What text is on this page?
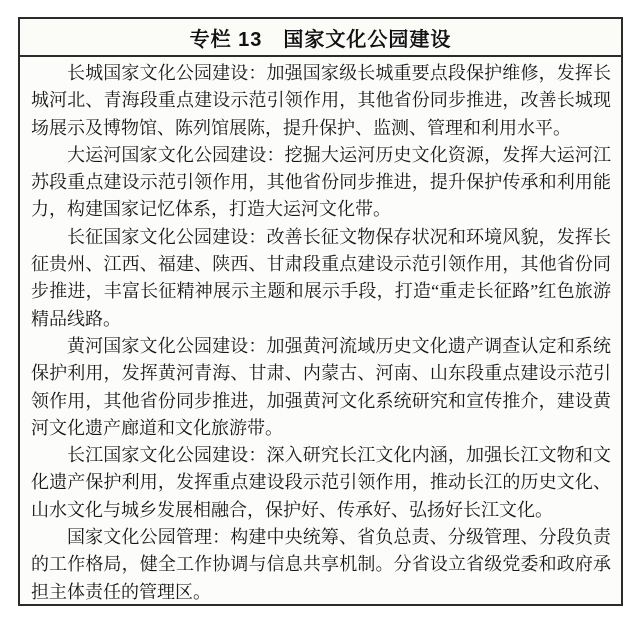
专栏 13　国家文化公园建设

长城国家文化公园建设：加强国家级长城重要点段保护维修，发挥长城河北、青海段重点建设示范引领作用，其他省份同步推进，改善长城现场展示及博物馆、陈列馆展陈，提升保护、监测、管理和利用水平。

大运河国家文化公园建设：挖掘大运河历史文化资源，发挥大运河江苏段重点建设示范引领作用，其他省份同步推进，提升保护传承和利用能力，构建国家记忆体系，打造大运河文化带。

长征国家文化公园建设：改善长征文物保存状况和环境风貌，发挥长征贵州、江西、福建、陕西、甘肃段重点建设示范引领作用，其他省份同步推进，丰富长征精神展示主题和展示手段，打造“重走长征路”红色旅游精品线路。

黄河国家文化公园建设：加强黄河流域历史文化遗产调查认定和系统保护利用，发挥黄河青海、甘肃、内蒙古、河南、山东段重点建设示范引领作用，其他省份同步推进，加强黄河文化系统研究和宣传推介，建设黄河文化遗产廊道和文化旅游带。

长江国家文化公园建设：深入研究长江文化内涵，加强长江文物和文化遗产保护利用，发挥重点建设段示范引领作用，推动长江的历史文化、山水文化与城乡发展相融合，保护好、传承好、弘扬好长江文化。

国家文化公园管理：构建中央统筹、省负总责、分级管理、分段负责的工作格局，健全工作协调与信息共享机制。分省设立省级党委和政府承担主体责任的管理区。
